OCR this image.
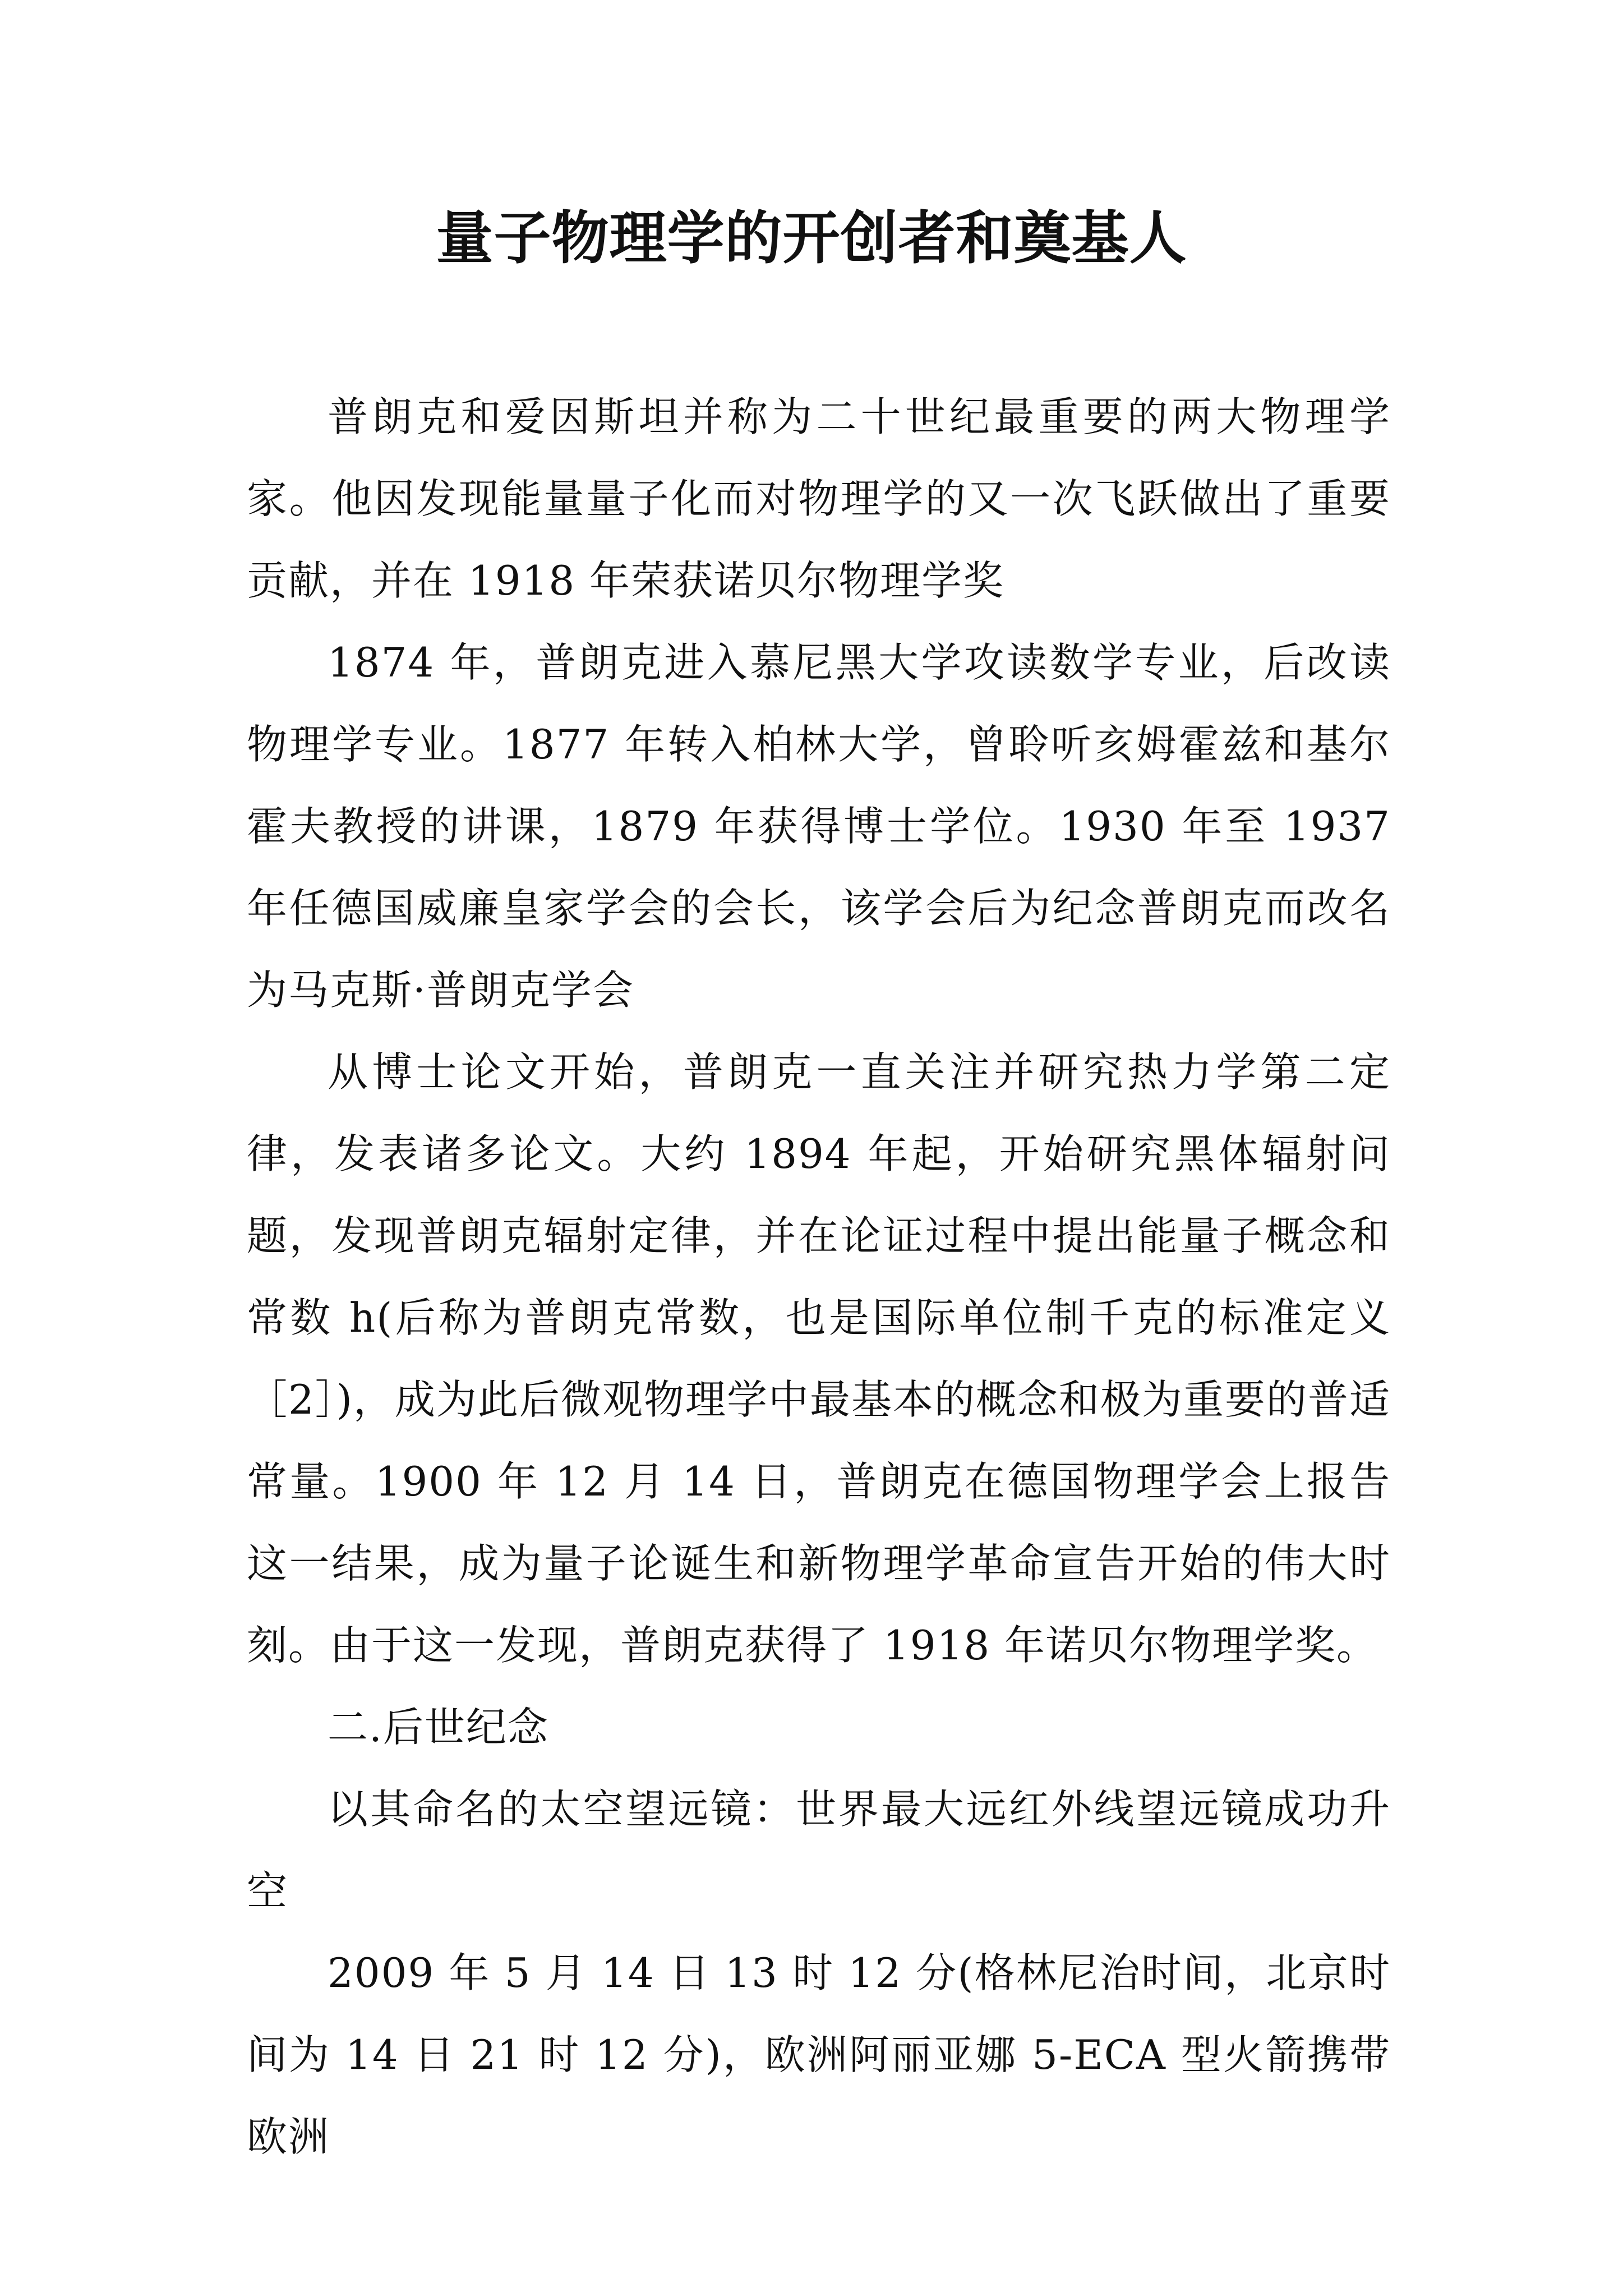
量子物理学的开创者和奠基人

普朗克和爱因斯坦并称为二十世纪最重要的两大物理学家。他因发现能量量子化而对物理学的又一次飞跃做出了重要贡献，并在 1918 年荣获诺贝尔物理学奖

1874 年，普朗克进入慕尼黑大学攻读数学专业，后改读物理学专业。1877 年转入柏林大学，曾聆听亥姆霍兹和基尔霍夫教授的讲课，1879 年获得博士学位。1930 年至 1937 年任德国威廉皇家学会的会长，该学会后为纪念普朗克而改名为马克斯·普朗克学会

从博士论文开始，普朗克一直关注并研究热力学第二定律，发表诸多论文。大约 1894 年起，开始研究黑体辐射问题，发现普朗克辐射定律，并在论证过程中提出能量子概念和常数 h(后称为普朗克常数，也是国际单位制千克的标准定义［2］)，成为此后微观物理学中最基本的概念和极为重要的普适常量。1900 年 12 月 14 日，普朗克在德国物理学会上报告这一结果，成为量子论诞生和新物理学革命宣告开始的伟大时刻。由于这一发现，普朗克获得了 1918 年诺贝尔物理学奖。

二.后世纪念

以其命名的太空望远镜：世界最大远红外线望远镜成功升空

2009 年 5 月 14 日 13 时 12 分(格林尼治时间，北京时间为 14 日 21 时 12 分)，欧洲阿丽亚娜 5-ECA 型火箭携带欧洲
